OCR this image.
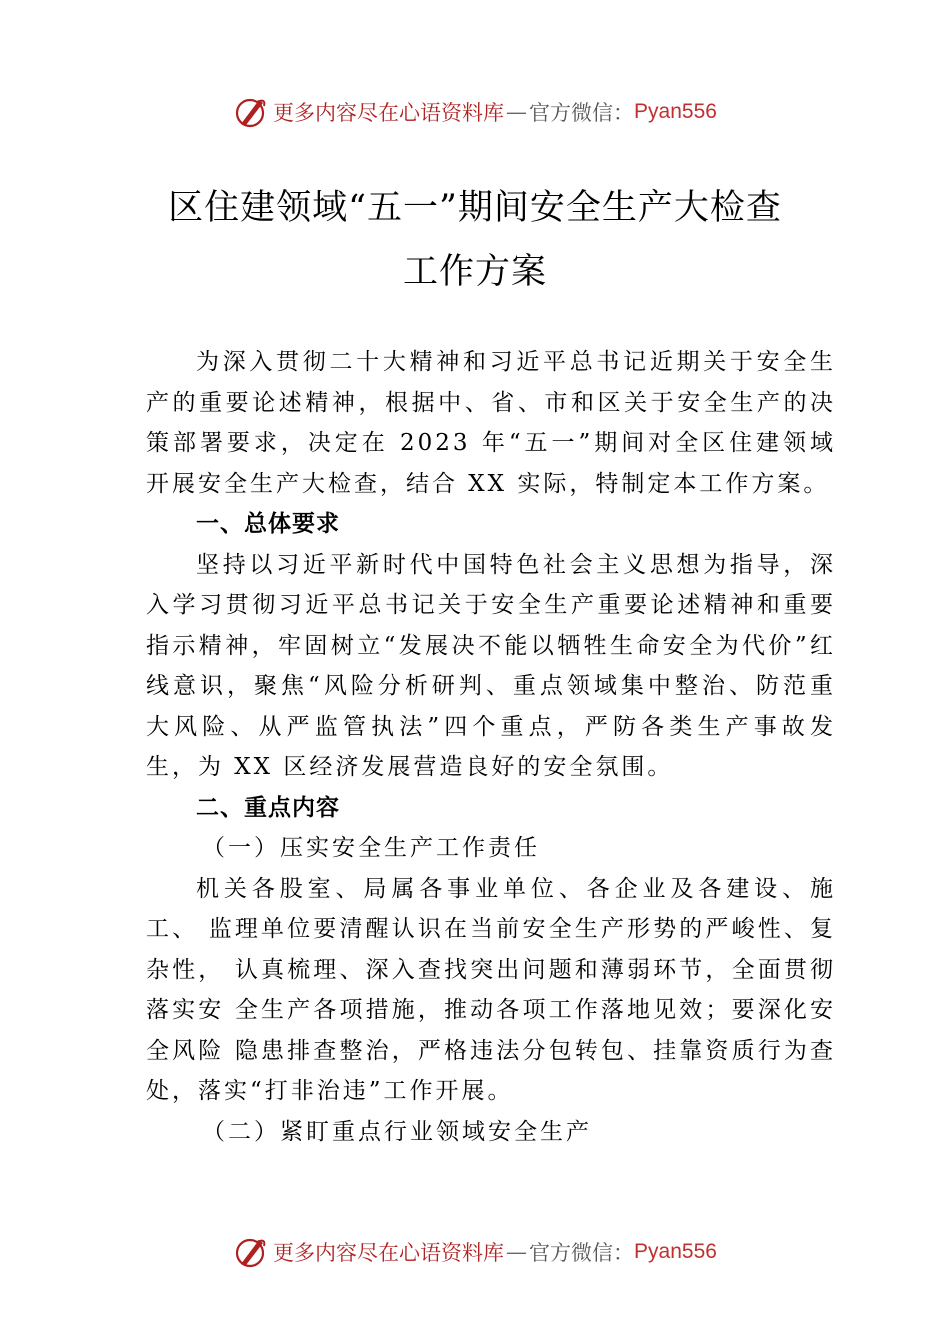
更多内容尽在心语资料库 — 官方微信： Pyan556
区住建领域“五一”期间安全生产大检查
工作方案

为深入贯彻二十大精神和习近平总书记近期关于安全生产的重要论述精神，根据中、省、市和区关于安全生产的决策部署要求，决定在 2023 年“五一”期间对全区住建领域开展安全生产大检查，结合 XX 实际，特制定本工作方案。

一、总体要求

坚持以习近平新时代中国特色社会主义思想为指导，深入学习贯彻习近平总书记关于安全生产重要论述精神和重要指示精神，牢固树立“发展决不能以牺牲生命安全为代价”红线意识，聚焦“风险分析研判、重点领域集中整治、防范重大风险、从严监管执法”四个重点，严防各类生产事故发生，为 XX 区经济发展营造良好的安全氛围。

二、重点内容

（一）压实安全生产工作责任

机关各股室、局属各事业单位、各企业及各建设、施工、 监理单位要清醒认识在当前安全生产形势的严峻性、复杂性， 认真梳理、深入查找突出问题和薄弱环节，全面贯彻落实安 全生产各项措施，推动各项工作落地见效；要深化安全风险 隐患排查整治，严格违法分包转包、挂靠资质行为查处，落实“打非治违”工作开展。

（二）紧盯重点行业领域安全生产

更多内容尽在心语资料库 — 官方微信： Pyan556
